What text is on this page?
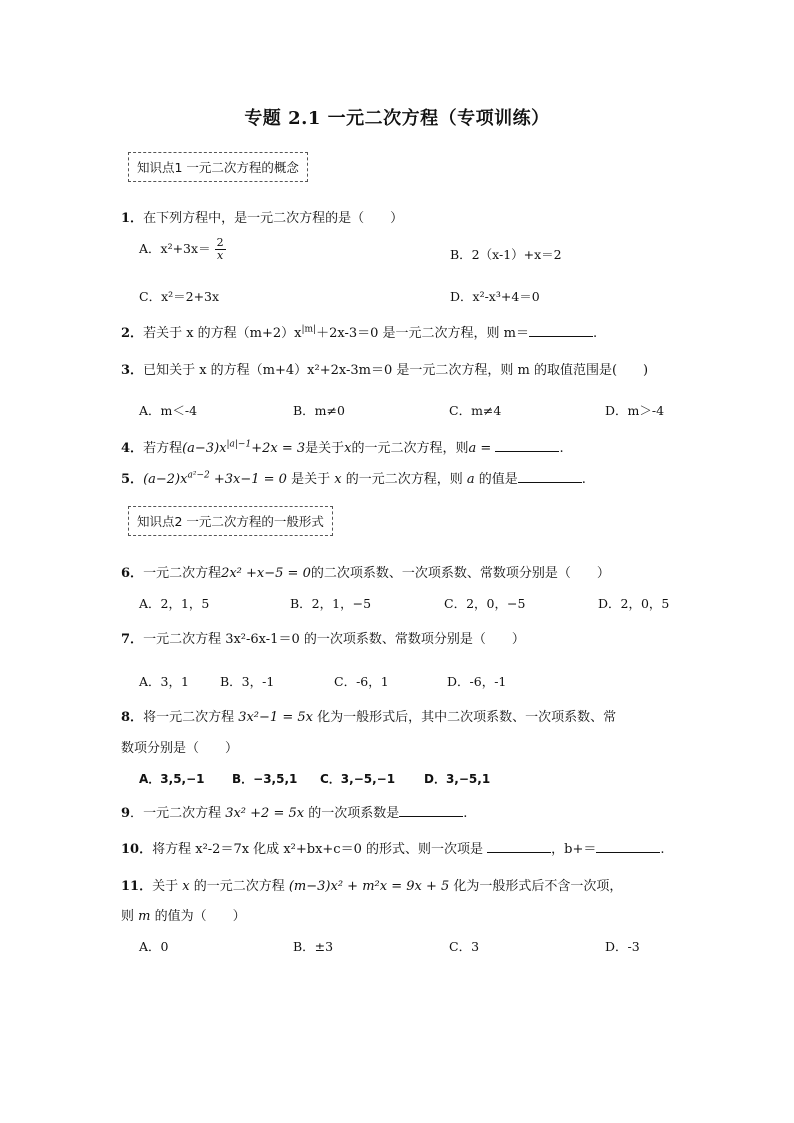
专题 2.1 一元二次方程（专项训练）
知识点1 一元二次方程的概念
1．在下列方程中，是一元二次方程的是（　　）
A．$x^2+3x= \frac{2}{x}$	B．2（x-1）+x＝2
C．x²＝2+3x	D．x²-x³+4＝0
2．若关于 x 的方程$(m+2)x^{|m|}+2x-3=0$ 是一元二次方程，则 m＝	.
3．已知关于 x 的方程（m+4）x²+2x-3m＝0 是一元二次方程，则 m 的取值范围是(　　)
A．m＜-4	B．m≠0	C．m≠4	D．m＞-4
4．若方程$(a-3)x^{|a|-1}+2x = 3$是关于x的一元二次方程，则a =	.
5．$(a-2)x^{a^2-2} +3x-1 = 0$ 是关于 x 的一元二次方程，则 a 的值是	.
知识点2 一元二次方程的一般形式
6．一元二次方程2x² +x−5 = 0的二次项系数、一次项系数、常数项分别是（　　）
A．2，1，5	B．2，1，−5	C．2，0，−5	D．2，0，5
7．一元二次方程 3x²-6x-1＝0 的一次项系数、常数项分别是（　　）
A．3，1 B．3，-1	C．-6，1	D．-6，-1
8．将一元二次方程 3x²−1 = 5x 化为一般形式后，其中二次项系数、一次项系数、常
数项分别是（　　）
A．3,5,−1 B．−3,5,1 C．3,−5,−1 D．3,−5,1
9．一元二次方程 3x² +2 = 5x 的一次项系数是	.
10．将方程 x²-2＝7x 化成 x²+bx+c＝0 的形式、则一次项是	，b+＝	.
11．关于 x 的一元二次方程 (m−3)x² + m²x = 9x + 5 化为一般形式后不含一次项，
则 m 的值为（　　）
A．0	B．±3	C．3	D．-3
